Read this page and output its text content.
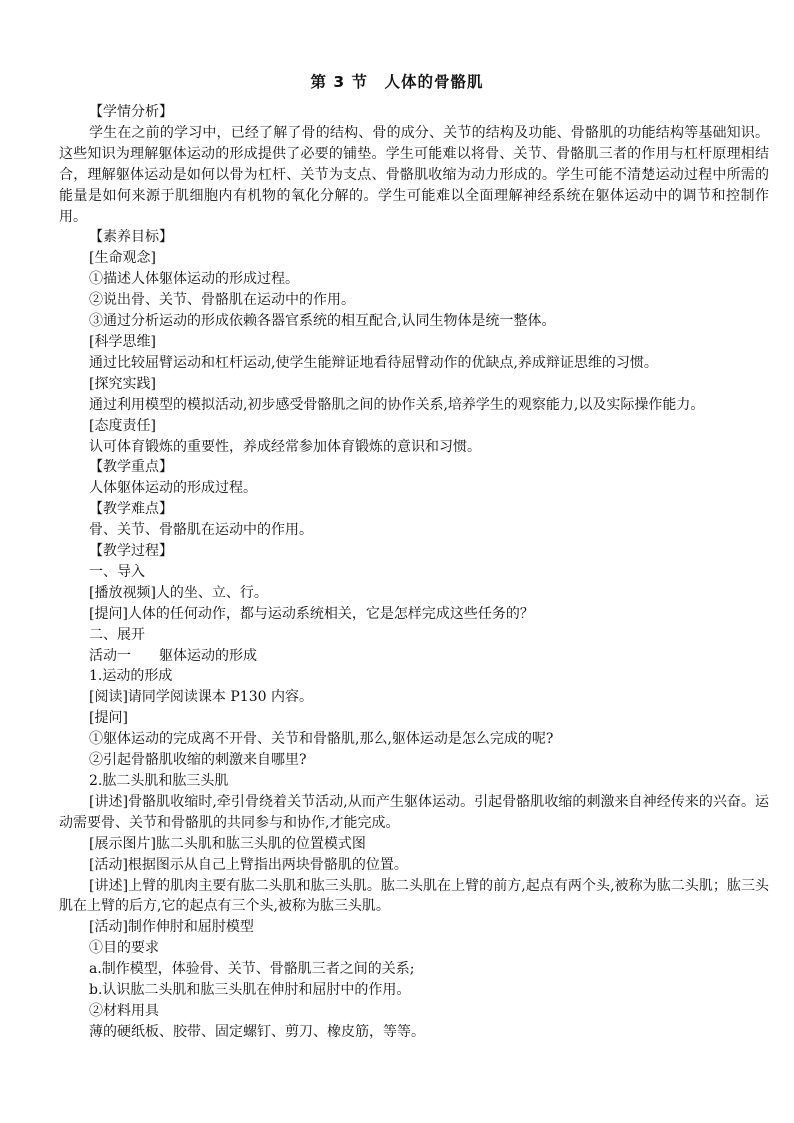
第 3 节　人体的骨骼肌
【学情分析】
学生在之前的学习中，已经了解了骨的结构、骨的成分、关节的结构及功能、骨骼肌的功能结构等基础知识。这些知识为理解躯体运动的形成提供了必要的铺垫。学生可能难以将骨、关节、骨骼肌三者的作用与杠杆原理相结合，理解躯体运动是如何以骨为杠杆、关节为支点、骨骼肌收缩为动力形成的。学生可能不清楚运动过程中所需的能量是如何来源于肌细胞内有机物的氧化分解的。学生可能难以全面理解神经系统在躯体运动中的调节和控制作用。
【素养目标】
[生命观念]
①描述人体躯体运动的形成过程。
②说出骨、关节、骨骼肌在运动中的作用。
③通过分析运动的形成依赖各器官系统的相互配合,认同生物体是统一整体。
[科学思维]
通过比较屈臂运动和杠杆运动,使学生能辩证地看待屈臂动作的优缺点,养成辩证思维的习惯。
[探究实践]
通过利用模型的模拟活动,初步感受骨骼肌之间的协作关系,培养学生的观察能力,以及实际操作能力。
[态度责任]
认可体育锻炼的重要性，养成经常参加体育锻炼的意识和习惯。
【教学重点】
人体躯体运动的形成过程。
【教学难点】
骨、关节、骨骼肌在运动中的作用。
【教学过程】
一、导入
[播放视频]人的坐、立、行。
[提问]人体的任何动作，都与运动系统相关，它是怎样完成这些任务的？
二、展开
活动一　　躯体运动的形成
1.运动的形成
[阅读]请同学阅读课本 P130 内容。
[提问]
①躯体运动的完成离不开骨、关节和骨骼肌,那么,躯体运动是怎么完成的呢?
②引起骨骼肌收缩的刺激来自哪里?
2.肱二头肌和肱三头肌
[讲述]骨骼肌收缩时,牵引骨绕着关节活动,从而产生躯体运动。引起骨骼肌收缩的刺激来自神经传来的兴奋。运动需要骨、关节和骨骼肌的共同参与和协作,才能完成。
[展示图片]肱二头肌和肱三头肌的位置模式图
[活动]根据图示从自己上臂指出两块骨骼肌的位置。
[讲述]上臂的肌肉主要有肱二头肌和肱三头肌。肱二头肌在上臂的前方,起点有两个头,被称为肱二头肌；肱三头肌在上臂的后方,它的起点有三个头,被称为肱三头肌。
[活动]制作伸肘和屈肘模型
①目的要求
a.制作模型，体验骨、关节、骨骼肌三者之间的关系;
b.认识肱二头肌和肱三头肌在伸肘和屈肘中的作用。
②材料用具
薄的硬纸板、胶带、固定螺钉、剪刀、橡皮筋，等等。
